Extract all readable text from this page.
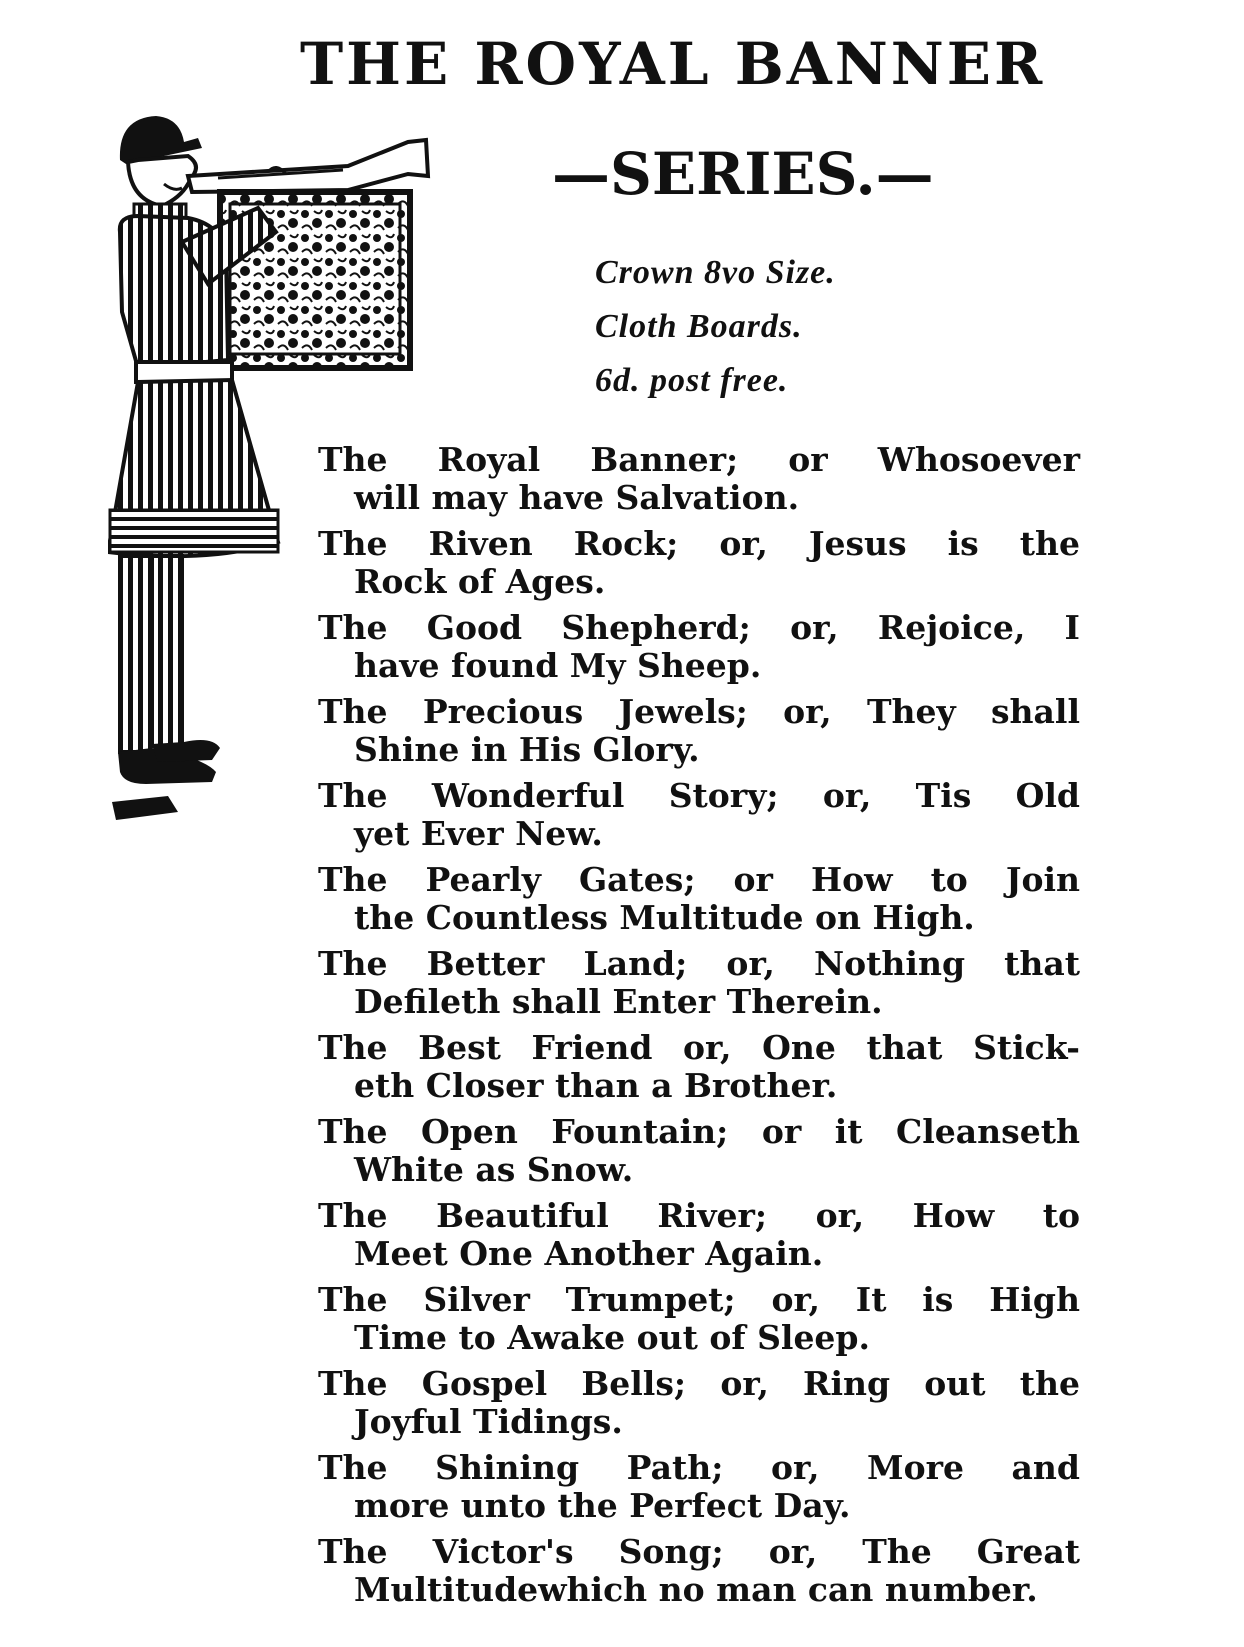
THE ROYAL BANNER
—SERIES.—
Crown 8vo Size.
Cloth Boards.
6d. post free.
The Royal Banner; or Whosoever
will may have Salvation.
The Riven Rock; or, Jesus is the
Rock of Ages.
The Good Shepherd; or, Rejoice, I
have found My Sheep.
The Precious Jewels; or, They shall
Shine in His Glory.
The Wonderful Story; or, Tis Old
yet Ever New.
The Pearly Gates; or How to Join
the Countless Multitude on High.
The Better Land; or, Nothing that
Defileth shall Enter Therein.
The Best Friend or, One that Stick-
eth Closer than a Brother.
The Open Fountain; or it Cleanseth
White as Snow.
The Beautiful River; or, How to
Meet One Another Again.
The Silver Trumpet; or, It is High
Time to Awake out of Sleep.
The Gospel Bells; or, Ring out the
Joyful Tidings.
The Shining Path; or, More and
more unto the Perfect Day.
The Victor's Song; or, The Great
Multitudewhich no man can number.
